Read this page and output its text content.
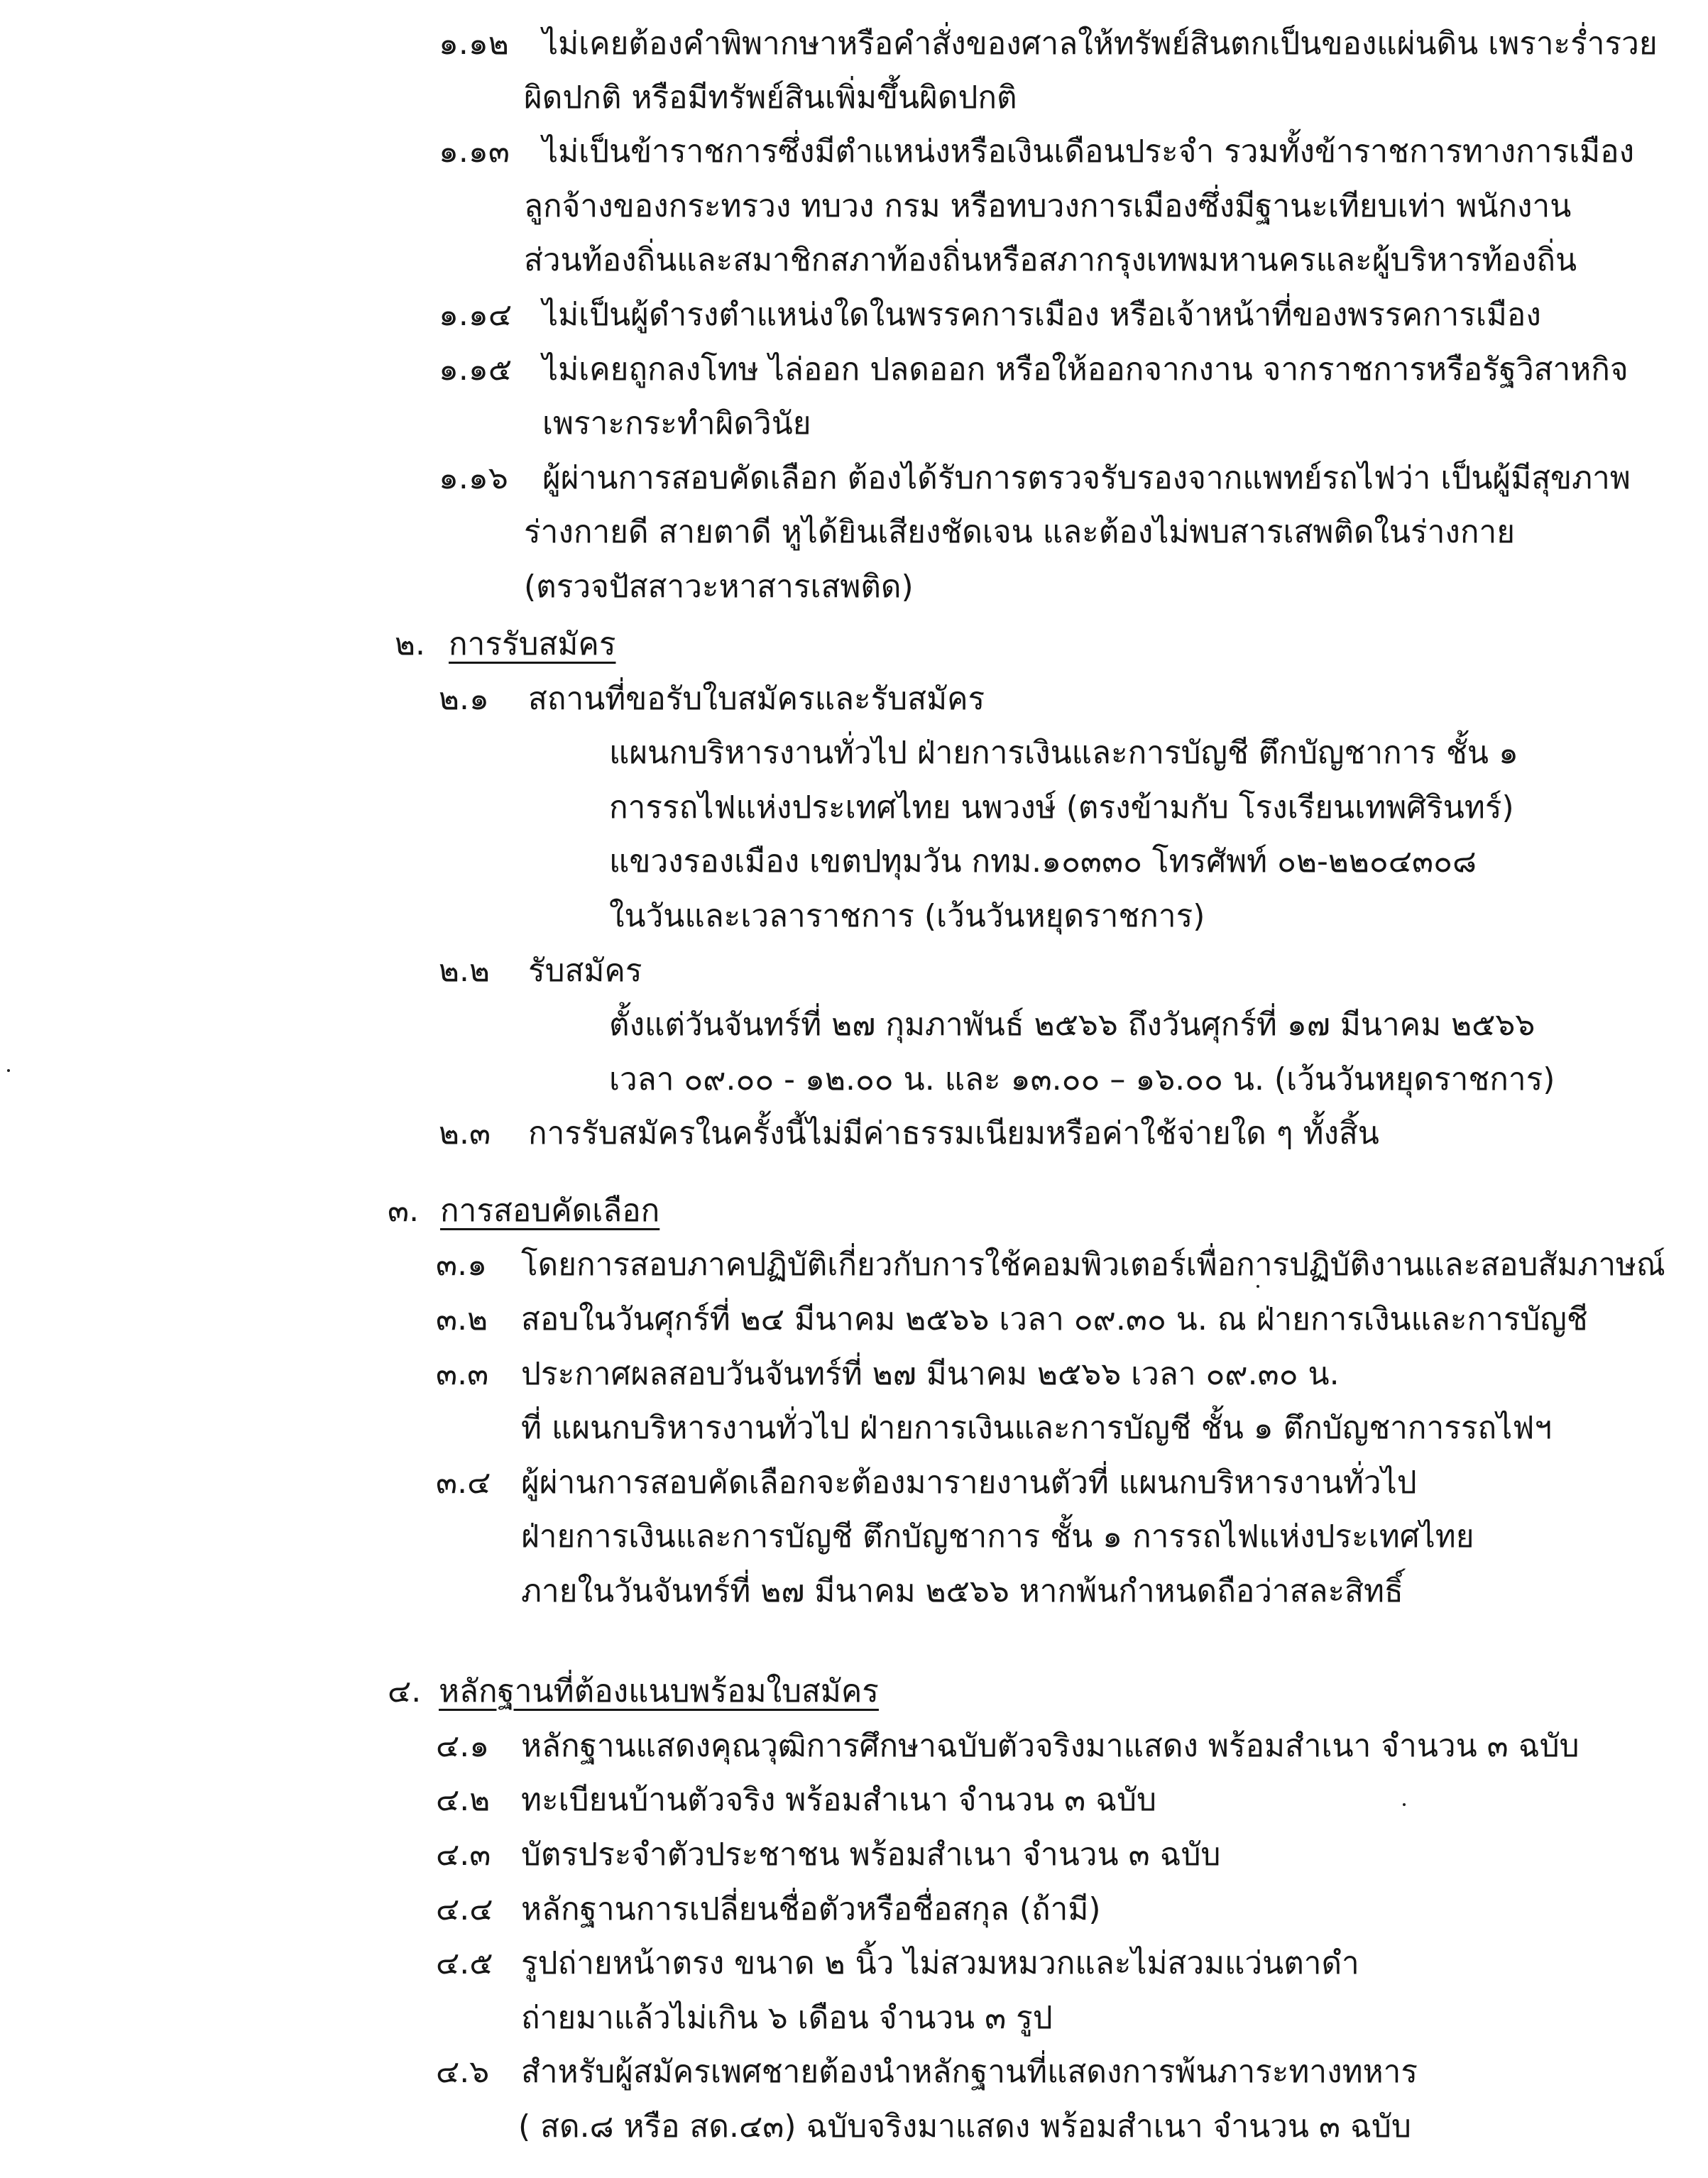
๑.๑๒ ไม่เคยต้องคำพิพากษาหรือคำสั่งของศาลให้ทรัพย์สินตกเป็นของแผ่นดิน เพราะร่ำรวย
ผิดปกติ หรือมีทรัพย์สินเพิ่มขึ้นผิดปกติ
๑.๑๓ ไม่เป็นข้าราชการซึ่งมีตำแหน่งหรือเงินเดือนประจำ รวมทั้งข้าราชการทางการเมือง
ลูกจ้างของกระทรวง ทบวง กรม หรือทบวงการเมืองซึ่งมีฐานะเทียบเท่า พนักงาน
ส่วนท้องถิ่นและสมาชิกสภาท้องถิ่นหรือสภากรุงเทพมหานครและผู้บริหารท้องถิ่น
๑.๑๔ ไม่เป็นผู้ดำรงตำแหน่งใดในพรรคการเมือง หรือเจ้าหน้าที่ของพรรคการเมือง
๑.๑๕ ไม่เคยถูกลงโทษ ไล่ออก ปลดออก หรือให้ออกจากงาน จากราชการหรือรัฐวิสาหกิจ
เพราะกระทำผิดวินัย
๑.๑๖ ผู้ผ่านการสอบคัดเลือก ต้องได้รับการตรวจรับรองจากแพทย์รถไฟว่า เป็นผู้มีสุขภาพ
ร่างกายดี สายตาดี หูได้ยินเสียงชัดเจน และต้องไม่พบสารเสพติดในร่างกาย
(ตรวจปัสสาวะหาสารเสพติด)
๒. การรับสมัคร
๒.๑ สถานที่ขอรับใบสมัครและรับสมัคร
แผนกบริหารงานทั่วไป ฝ่ายการเงินและการบัญชี ตึกบัญชาการ ชั้น ๑
การรถไฟแห่งประเทศไทย นพวงษ์ (ตรงข้ามกับ โรงเรียนเทพศิรินทร์)
แขวงรองเมือง เขตปทุมวัน กทม.๑๐๓๓๐ โทรศัพท์ ๐๒-๒๒๐๔๓๐๘
ในวันและเวลาราชการ (เว้นวันหยุดราชการ)
๒.๒ รับสมัคร
ตั้งแต่วันจันทร์ที่ ๒๗ กุมภาพันธ์ ๒๕๖๖ ถึงวันศุกร์ที่ ๑๗ มีนาคม ๒๕๖๖
เวลา ๐๙.๐๐ - ๑๒.๐๐ น. และ ๑๓.๐๐ – ๑๖.๐๐ น. (เว้นวันหยุดราชการ)
๒.๓ การรับสมัครในครั้งนี้ไม่มีค่าธรรมเนียมหรือค่าใช้จ่ายใด ๆ ทั้งสิ้น
๓. การสอบคัดเลือก
๓.๑ โดยการสอบภาคปฏิบัติเกี่ยวกับการใช้คอมพิวเตอร์เพื่อการปฏิบัติงานและสอบสัมภาษณ์
๓.๒ สอบในวันศุกร์ที่ ๒๔ มีนาคม ๒๕๖๖ เวลา ๐๙.๓๐ น. ณ ฝ่ายการเงินและการบัญชี
๓.๓ ประกาศผลสอบวันจันทร์ที่ ๒๗ มีนาคม ๒๕๖๖ เวลา ๐๙.๓๐ น.
ที่ แผนกบริหารงานทั่วไป ฝ่ายการเงินและการบัญชี ชั้น ๑ ตึกบัญชาการรถไฟฯ
๓.๔ ผู้ผ่านการสอบคัดเลือกจะต้องมารายงานตัวที่ แผนกบริหารงานทั่วไป
ฝ่ายการเงินและการบัญชี ตึกบัญชาการ ชั้น ๑ การรถไฟแห่งประเทศไทย
ภายในวันจันทร์ที่ ๒๗ มีนาคม ๒๕๖๖ หากพ้นกำหนดถือว่าสละสิทธิ์
๔. หลักฐานที่ต้องแนบพร้อมใบสมัคร
๔.๑ หลักฐานแสดงคุณวุฒิการศึกษาฉบับตัวจริงมาแสดง พร้อมสำเนา จำนวน ๓ ฉบับ
๔.๒ ทะเบียนบ้านตัวจริง พร้อมสำเนา จำนวน ๓ ฉบับ
๔.๓ บัตรประจำตัวประชาชน พร้อมสำเนา จำนวน ๓ ฉบับ
๔.๔ หลักฐานการเปลี่ยนชื่อตัวหรือชื่อสกุล (ถ้ามี)
๔.๕ รูปถ่ายหน้าตรง ขนาด ๒ นิ้ว ไม่สวมหมวกและไม่สวมแว่นตาดำ
ถ่ายมาแล้วไม่เกิน ๖ เดือน จำนวน ๓ รูป
๔.๖ สำหรับผู้สมัครเพศชายต้องนำหลักฐานที่แสดงการพ้นภาระทางทหาร
( สด.๘ หรือ สด.๔๓) ฉบับจริงมาแสดง พร้อมสำเนา จำนวน ๓ ฉบับ
